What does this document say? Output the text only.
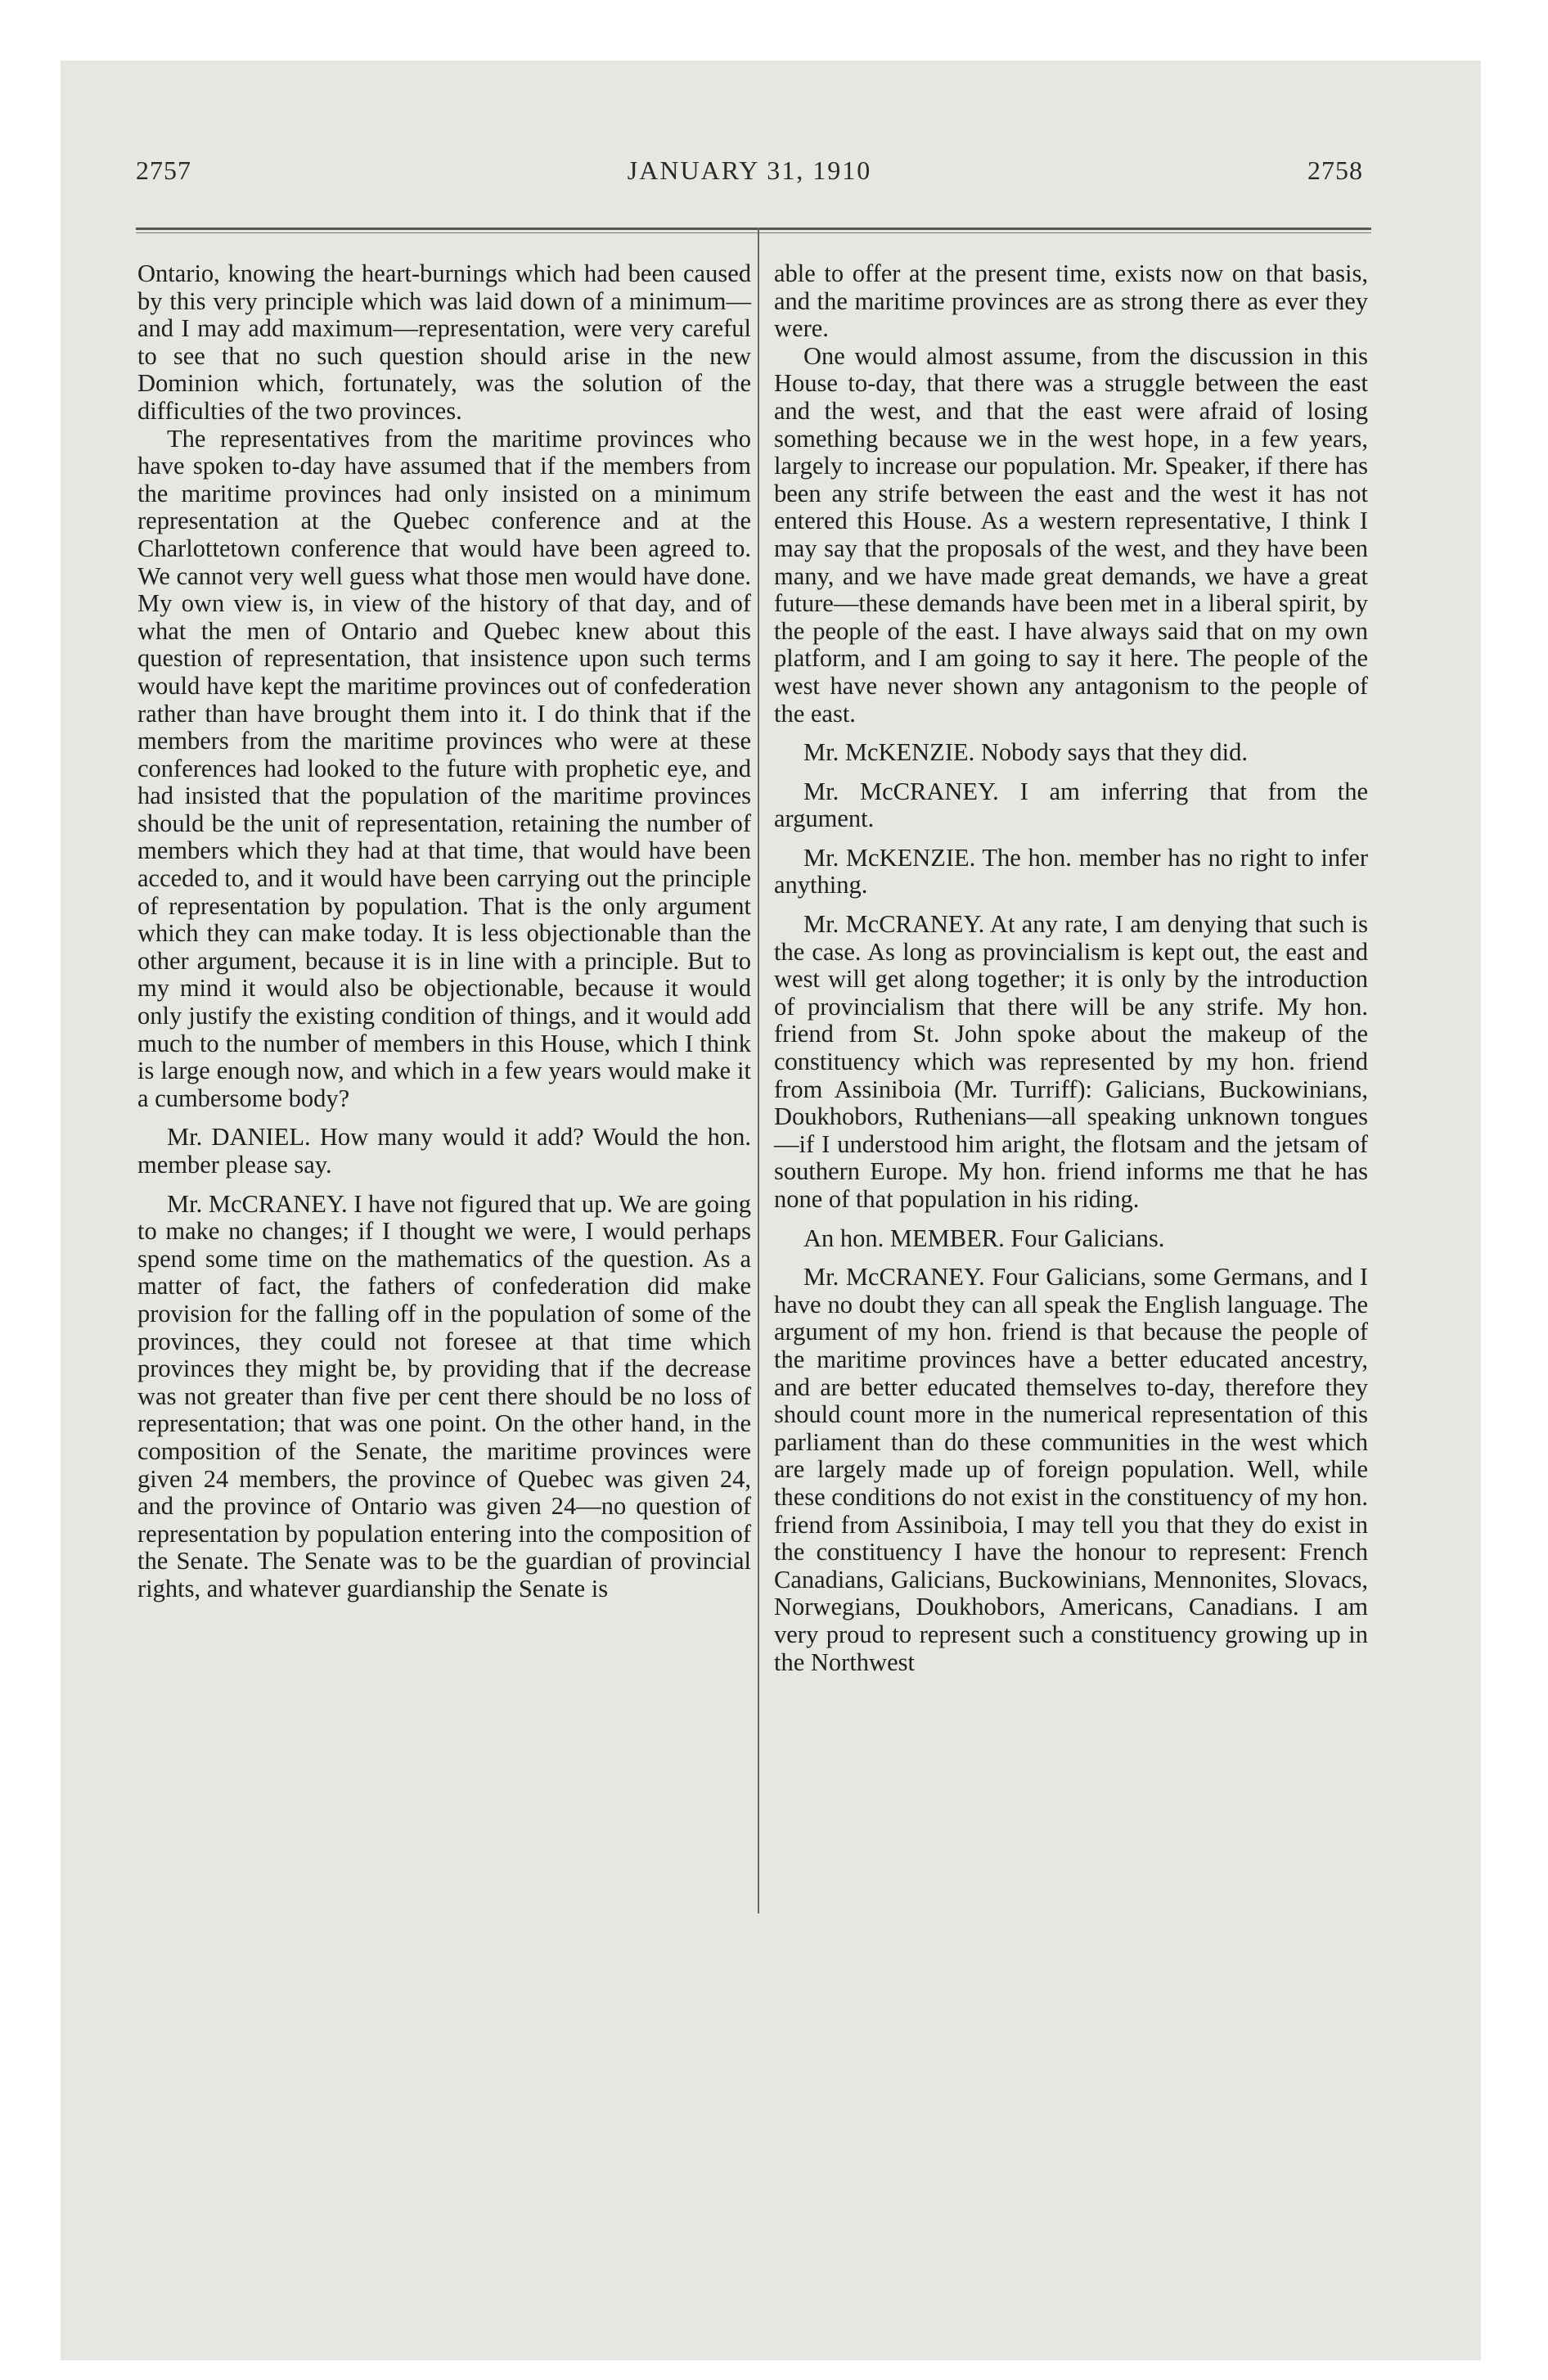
2757	JANUARY 31, 1910	2758

Ontario, knowing the heart-burnings which had been caused by this very principle which was laid down of a minimum—and I may add maximum—representation, were very careful to see that no such question should arise in the new Dominion which, fortunately, was the solution of the difficulties of the two provinces.

The representatives from the maritime provinces who have spoken to-day have assumed that if the members from the maritime provinces had only insisted on a minimum representation at the Quebec conference and at the Charlottetown conference that would have been agreed to. We cannot very well guess what those men would have done. My own view is, in view of the history of that day, and of what the men of Ontario and Quebec knew about this question of representation, that insistence upon such terms would have kept the maritime provinces out of confederation rather than have brought them into it. I do think that if the members from the maritime provinces who were at these conferences had looked to the future with prophetic eye, and had insisted that the population of the maritime provinces should be the unit of representation, retaining the number of members which they had at that time, that would have been acceded to, and it would have been carrying out the principle of representation by population. That is the only argument which they can make today. It is less objectionable than the other argument, because it is in line with a principle. But to my mind it would also be objectionable, because it would only justify the existing condition of things, and it would add much to the number of members in this House, which I think is large enough now, and which in a few years would make it a cumbersome body?

Mr. DANIEL. How many would it add? Would the hon. member please say.

Mr. McCRANEY. I have not figured that up. We are going to make no changes; if I thought we were, I would perhaps spend some time on the mathematics of the question. As a matter of fact, the fathers of confederation did make provision for the falling off in the population of some of the provinces, they could not foresee at that time which provinces they might be, by providing that if the decrease was not greater than five per cent there should be no loss of representation; that was one point. On the other hand, in the composition of the Senate, the maritime provinces were given 24 members, the province of Quebec was given 24, and the province of Ontario was given 24—no question of representation by population entering into the composition of the Senate. The Senate was to be the guardian of provincial rights, and whatever guardianship the Senate is

able to offer at the present time, exists now on that basis, and the maritime provinces are as strong there as ever they were.

One would almost assume, from the discussion in this House to-day, that there was a struggle between the east and the west, and that the east were afraid of losing something because we in the west hope, in a few years, largely to increase our population. Mr. Speaker, if there has been any strife between the east and the west it has not entered this House. As a western representative, I think I may say that the proposals of the west, and they have been many, and we have made great demands, we have a great future—these demands have been met in a liberal spirit, by the people of the east. I have always said that on my own platform, and I am going to say it here. The people of the west have never shown any antagonism to the people of the east.

Mr. McKENZIE. Nobody says that they did.

Mr. McCRANEY. I am inferring that from the argument.

Mr. McKENZIE. The hon. member has no right to infer anything.

Mr. McCRANEY. At any rate, I am denying that such is the case. As long as provincialism is kept out, the east and west will get along together; it is only by the introduction of provincialism that there will be any strife. My hon. friend from St. John spoke about the makeup of the constituency which was represented by my hon. friend from Assiniboia (Mr. Turriff): Galicians, Buckowinians, Doukhobors, Ruthenians—all speaking unknown tongues—if I understood him aright, the flotsam and the jetsam of southern Europe. My hon. friend informs me that he has none of that population in his riding.

An hon. MEMBER. Four Galicians.

Mr. McCRANEY. Four Galicians, some Germans, and I have no doubt they can all speak the English language. The argument of my hon. friend is that because the people of the maritime provinces have a better educated ancestry, and are better educated themselves to-day, therefore they should count more in the numerical representation of this parliament than do these communities in the west which are largely made up of foreign population. Well, while these conditions do not exist in the constituency of my hon. friend from Assiniboia, I may tell you that they do exist in the constituency I have the honour to represent: French Canadians, Galicians, Buckowinians, Mennonites, Slovacs, Norwegians, Doukhobors, Americans, Canadians. I am very proud to represent such a constituency growing up in the Northwest
